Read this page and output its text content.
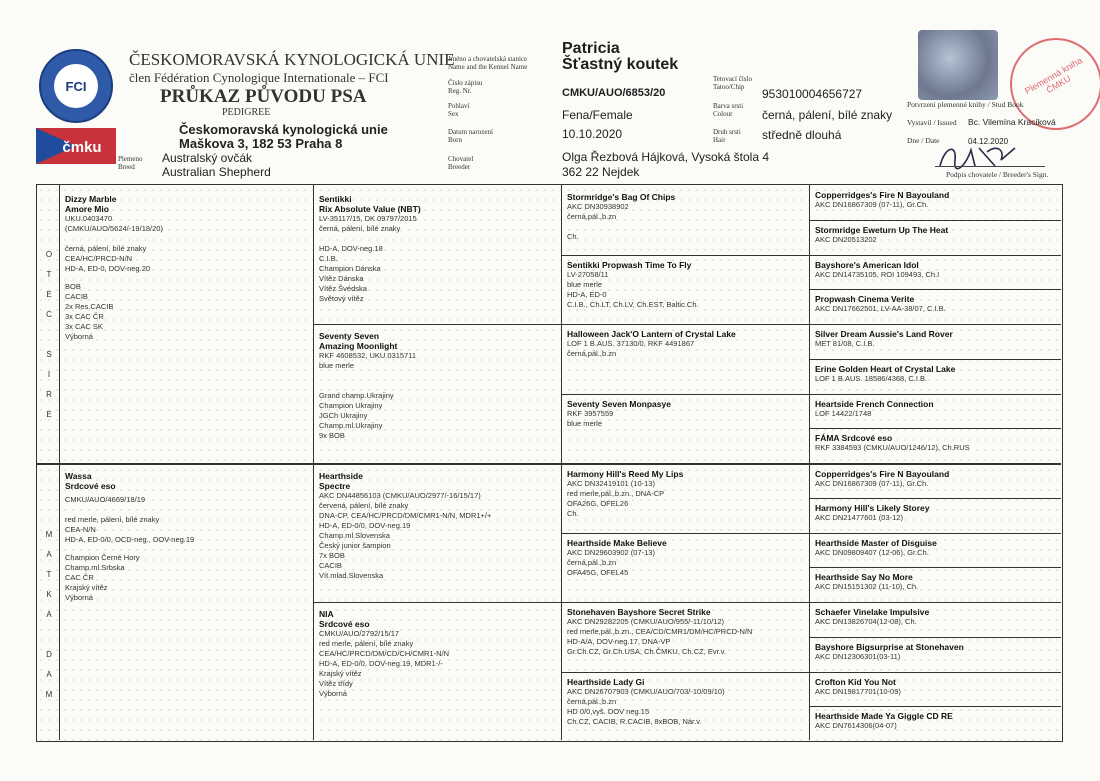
FCI
čmku
ČESKOMORAVSKÁ KYNOLOGICKÁ UNIE
člen Fédération Cynologique Internationale – FCI
PRŮKAZ PŮVODU PSA
PEDIGREE
Českomoravská kynologická unie
Maškova 3, 182 53 Praha 8
Plemeno
Breed
Australský ovčák
Australian Shepherd
Jméno a chovatelská stanice
Name and the Kennel Name
Patricia
Šťastný koutek
Číslo zápisu
Reg. Nr.	CMKU/AUO/6853/20
Pohlaví
Sex	Fena/Female
Datum narození
Born	10.10.2020
Chovatel
Breeder
Olga Řezbová Hájková, Vysoká štola 4
362 22 Nejdek
Tetovací číslo
Tatoo/Chip	953010004656727
Barva srsti
Colour	černá, pálení, bílé znaky
Druh srsti
Hair	středně dlouhá
Plemenná kniha ČMKU
Potvrzení plemenné knihy / Stud Book
Vystavil / Issued Bc. Vilemína Kracíková
Dne / Date	04.12.2020
Podpis chovatele / Breeder's Sign.
O
T
E
C

S
I
R
E
M
A
T
K
A

D
A
M
Dizzy Marble
Amore Mio
UKU.0403470
(CMKU/AUO/5624/-19/18/20)

černá, pálení, bílé znaky
CEA/HC/PRCD-N/N
HD-A, ED-0, DOV-neg.20
BOB
CACIB
2x Res.CACIB
3x CAC ČR
3x CAC SK
Výborná
Wassa
Srdcové eso
CMKU/AUO/4669/18/19

red merle, pálení, bílé znaky
CEA-N/N
HD-A, ED-0/0, OCD-neg., DOV-neg.19
Champion Černé Hory
Champ.ml.Srbska
CAC ČR
Krajský vítěz
Výborná
Sentikki
Rix Absolute Value (NBT)
LV-35117/15, DK 09797/2015
černá, pálení, bílé znaky

HD-A, DOV-neg.18
C.I.B.
Champion Dánska
Vítěz Dánska
Vítěz Švédska
Světový vítěz
Seventy Seven
Amazing Moonlight
RKF 4608532, UKU.0315711
blue merle

Grand champ.Ukrajiny
Champion Ukrajiny
JGCh Ukrajiny
Champ.ml.Ukrajiny
9x BOB
Hearthside
Spectre
AKC DN44856103 (CMKU/AUO/2977/-16/15/17)
červená, pálení, bílé znaky
DNA-CP, CEA/HC/PRCD/DM/CMR1-N/N, MDR1+/+
HD-A, ED-0/0, DOV-neg.19
Champ.ml.Slovenska
Český junior šampion
7x BOB
CACIB
Vít.mlad.Slovenska
NIA
Srdcové eso
CMKU/AUO/2792/15/17
red merle, pálení, bílé znaky
CEA/HC/PRCD/DM/CD/CH/CMR1-N/N
HD-A, ED-0/0, DOV-neg.19, MDR1-/-
Krajský vítěz
Vítěz třídy
Výborná
Stormridge's Bag Of Chips
AKC DN30938902
černá,pál.,b.zn

Ch.
Sentikki Propwash Time To Fly
LV-27058/11
blue merle
HD-A, ED-0
C.I.B., Ch.LT, Ch.LV, Ch.EST, Baltic.Ch.
Halloween Jack'O Lantern of Crystal Lake
LOF 1 B.AUS. 37130/0, RKF 4491867
černá,pál.,b.zn
Seventy Seven Monpasye
RKF 3957559
blue merle
Harmony Hill's Reed My Lips
AKC DN32419101 (10-13)
red merle,pál.,b.zn., DNA-CP
OFA26G, OFEL26
Ch.
Hearthside Make Believe
AKC DN29603902 (07-13)
černá,pál.,b.zn
OFA45G, OFEL45
Stonehaven Bayshore Secret Strike
AKC DN29282205 (CMKU/AUO/955/-11/10/12)
red merle,pál.,b.zn., CEA/CD/CMR1/DM/HC/PRCD-N/N
HD-A/A, DOV-neg.17, DNA-VP
Gr.Ch.CZ, Gr.Ch.USA, Ch.ČMKU, Ch.CZ, Evr.v.
Hearthside Lady Gi
AKC DN26707903 (CMKU/AUO/703/-10/09/10)
černá,pál.,b.zn
HD 0/0,vyš. DOV neg.15
Ch.CZ, CACIB, R.CACIB, 8xBOB, Nár.v.
Copperridges's Fire N Bayouland
AKC DN16867309 (07-11), Gr.Ch.
Stormridge Eweturn Up The Heat
AKC DN20513202
Bayshore's American Idol
AKC DN14735105, ROI 109493, Ch.I
Propwash Cinema Verite
AKC DN17662501, LV-AA-38/07, C.I.B.
Silver Dream Aussie's Land Rover
MET 81/08, C.I.B.
Erine Golden Heart of Crystal Lake
LOF 1 B.AUS. 18586/4368, C.I.B.
Heartside French Connection
LOF 14422/1748
FÁMA Srdcové eso
RKF 3384593 (CMKU/AUO/1246/12), Ch.RUS
Copperridges's Fire N Bayouland
AKC DN16867309 (07-11), Gr.Ch.
Harmony Hill's Likely Storey
AKC DN21477601 (03-12)
Hearthside Master of Disguise
AKC DN09809407 (12-06), Gr.Ch.
Hearthside Say No More
AKC DN15151302 (11-10), Ch.
Schaefer Vinelake Impulsive
AKC DN13826704(12-08), Ch.
Bayshore Bigsurprise at Stonehaven
AKC DN12306301(03-11)
Crofton Kid You Not
AKC DN19817701(10-09)
Hearthside Made Ya Giggle CD RE
AKC DN7614306(04-07)
